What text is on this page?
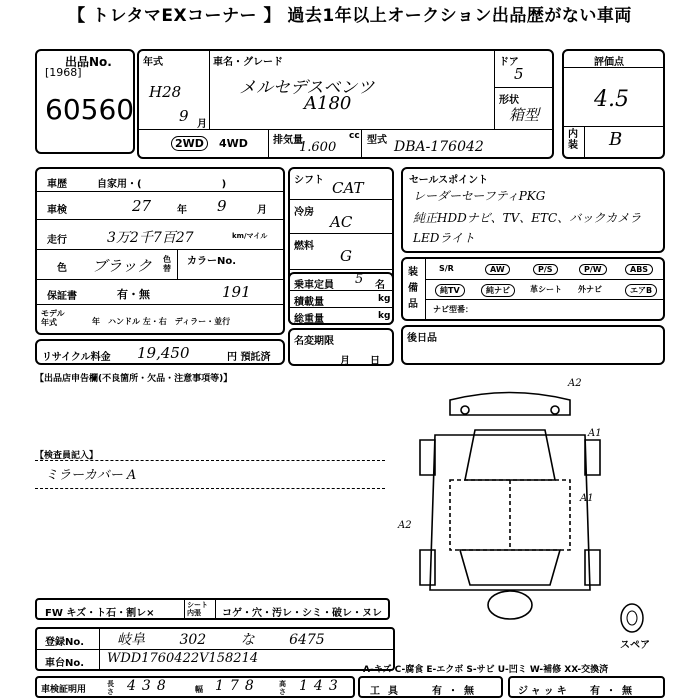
【 トレタマEXコーナー 】 過去1年以上オークション出品歴がない車両
出品No.
[1968]
60560
年式
H28
9 月
車名・グレード
メルセデスベンツ
A180
ドア
5
形状
箱型
2WD	4WD	排気量	cc
1.600	型式 DBA-176042
評価点
4.5
内装 B
車歴	自家用・(　　　　　　　　)
車検	27	年 9	月
走行	3万2千7百27	km/マイル
色 ブラック 色替
カラーNo.
191
保証書	有・無
モデル 年式	年　ハンドル 左・右　ディラー・並行
リサイクル料金 19,450	円 預託済
シフト CAT
冷房
AC
燃料
G
乗車定員 5 名
積載量	kg
総重量	kg
名変期限
月日
セールスポイント
レーダーセーフティPKG
純正HDDナビ、TV、ETC、バックカメラ
LEDライト
装備品
S/R	AW	P/S	P/W	ABS
純TV	純ナビ	革シート 外ナビ	エアB
ナビ型番：
後日品
【出品店申告欄(不良箇所・欠品・注意事項等)】
【検査員記入】
ミラーカバー A
A2
A1
A1
A2
スペア
FW キズ・ト石・割レ×
シート内張	コゲ・穴・汚レ・シミ・破レ・ヌレ
登録No. 岐阜 302 な 6475
車台No. WDD1760422V158214
車検証明用
長さ 438	幅 178	高さ 143
A-キズ C-腐食 E-エクボ S-サビ U-凹ミ W-補修 XX-交換済
工具	有・無	ジャッキ 有・無
